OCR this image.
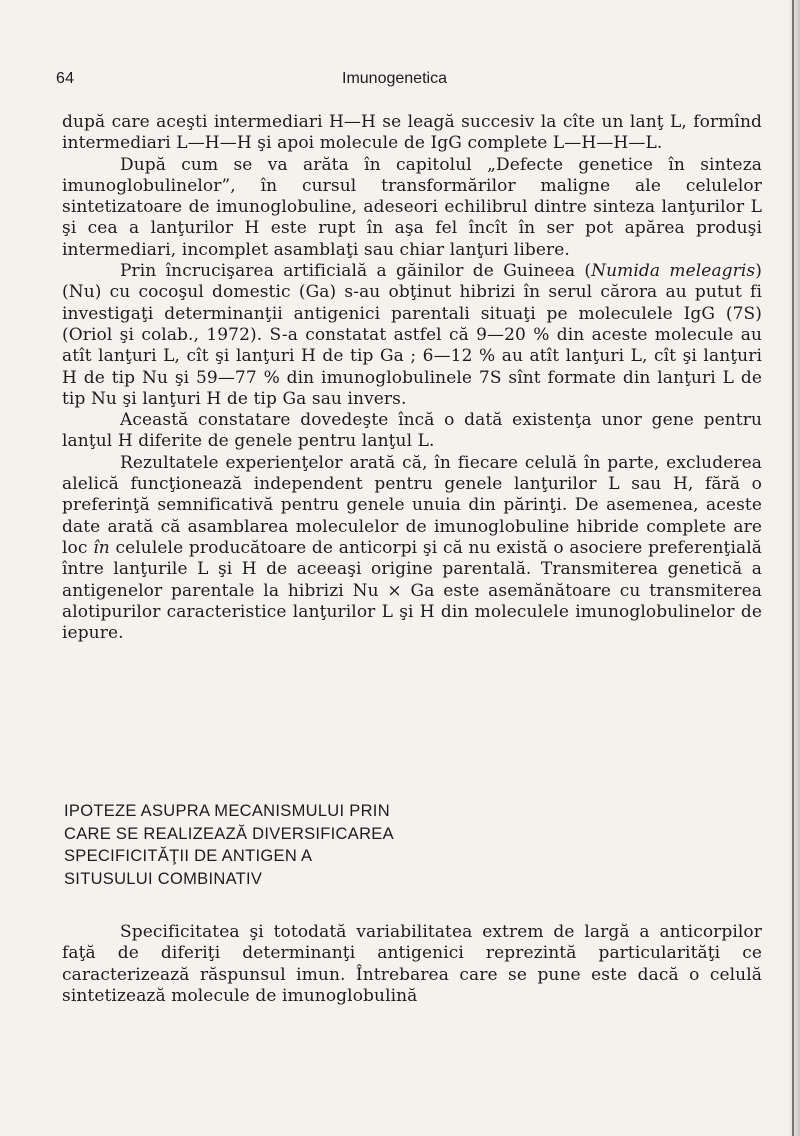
64	Imunogenetica

după care aceşti intermediari H—H se leagă succesiv la cîte un lanţ L, formînd intermediari L—H—H şi apoi molecule de IgG complete L—H—H—L.

După cum se va arăta în capitolul „Defecte genetice în sinteza imunoglobulinelor”, în cursul transformărilor maligne ale celulelor sintetizatoare de imunoglobuline, adeseori echilibrul dintre sinteza lanţurilor L şi cea a lanţurilor H este rupt în aşa fel încît în ser pot apărea produşi intermediari, incomplet asamblaţi sau chiar lanţuri libere.

Prin încrucişarea artificială a găinilor de Guineea (Numida meleagris) (Nu) cu cocoşul domestic (Ga) s-au obţinut hibrizi în serul cărora au putut fi investigaţi determinanţii antigenici parentali situaţi pe moleculele IgG (7S) (Oriol şi colab., 1972). S-a constatat astfel că 9—20 % din aceste molecule au atît lanţuri L, cît şi lanţuri H de tip Ga ; 6—12 % au atît lanţuri L, cît şi lanţuri H de tip Nu şi 59—77 % din imunoglobulinele 7S sînt formate din lanţuri L de tip Nu şi lanţuri H de tip Ga sau invers.

Această constatare dovedeşte încă o dată existenţa unor gene pentru lanţul H diferite de genele pentru lanţul L.

Rezultatele experienţelor arată că, în fiecare celulă în parte, excluderea alelică funcţionează independent pentru genele lanţurilor L sau H, fără o preferinţă semnificativă pentru genele unuia din părinţi. De asemenea, aceste date arată că asamblarea moleculelor de imunoglobuline hibride complete are loc în celulele producătoare de anticorpi şi că nu există o asociere preferenţială între lanţurile L şi H de aceeaşi origine parentală. Transmiterea genetică a antigenelor parentale la hibrizi Nu × Ga este asemănătoare cu transmiterea alotipurilor caracteristice lanţurilor L şi H din moleculele imunoglobulinelor de iepure.

IPOTEZE ASUPRA MECANISMULUI PRIN
CARE SE REALIZEAZĂ DIVERSIFICAREA
SPECIFICITĂŢII DE ANTIGEN A
SITUSULUI COMBINATIV

Specificitatea şi totodată variabilitatea extrem de largă a anticorpilor faţă de diferiţi determinanţi antigenici reprezintă particularităţi ce caracterizează răspunsul imun. Întrebarea care se pune este dacă o celulă sintetizează molecule de imunoglobulină
